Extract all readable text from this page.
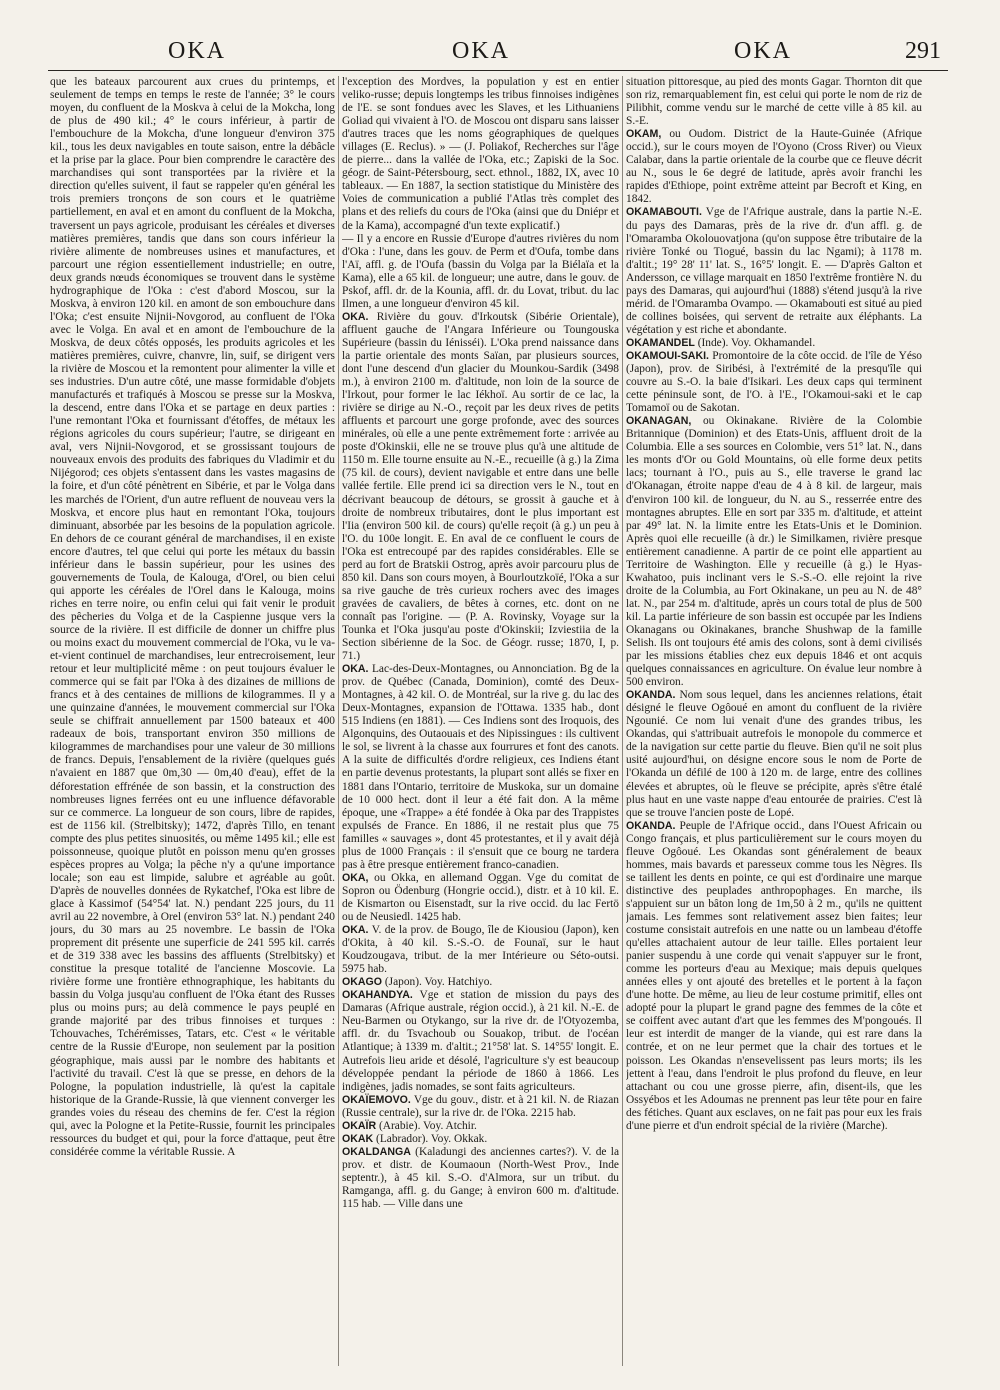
OKA	OKA	OKA	291

que les bateaux parcourent aux crues du printemps, et seulement de temps en temps le reste de l'année; 3° le cours moyen, du confluent de la Moskva à celui de la Mokcha, long de plus de 490 kil.; 4° le cours inférieur, à partir de l'embouchure de la Mokcha, d'une longueur d'environ 375 kil., tous les deux navigables en toute saison, entre la débâcle et la prise par la glace. Pour bien comprendre le caractère des marchandises qui sont transportées par la rivière et la direction qu'elles suivent, il faut se rappeler qu'en général les trois premiers tronçons de son cours et le quatrième partiellement, en aval et en amont du confluent de la Mokcha, traversent un pays agricole, produisant les céréales et diverses matières premières, tandis que dans son cours inférieur la rivière alimente de nombreuses usines et manufactures, et parcourt une région essentiellement industrielle; en outre, deux grands nœuds économiques se trouvent dans le système hydrographique de l'Oka : c'est d'abord Moscou, sur la Moskva, à environ 120 kil. en amont de son embouchure dans l'Oka; c'est ensuite Nijnii-Novgorod, au confluent de l'Oka avec le Volga. En aval et en amont de l'embouchure de la Moskva, de deux côtés opposés, les produits agricoles et les matières premières, cuivre, chanvre, lin, suif, se dirigent vers la rivière de Moscou et la remontent pour alimenter la ville et ses industries. D'un autre côté, une masse formidable d'objets manufacturés et trafiqués à Moscou se presse sur la Moskva, la descend, entre dans l'Oka et se partage en deux parties : l'une remontant l'Oka et fournissant d'étoffes, de métaux les régions agricoles du cours supérieur; l'autre, se dirigeant en aval, vers Nijnii-Novgorod, et se grossissant toujours de nouveaux envois des produits des fabriques du Vladimir et du Nijégorod; ces objets s'entassent dans les vastes magasins de la foire, et d'un côté pénètrent en Sibérie, et par le Volga dans les marchés de l'Orient, d'un autre refluent de nouveau vers la Moskva, et encore plus haut en remontant l'Oka, toujours diminuant, absorbée par les besoins de la population agricole. En dehors de ce courant général de marchandises, il en existe encore d'autres, tel que celui qui porte les métaux du bassin inférieur dans le bassin supérieur, pour les usines des gouvernements de Toula, de Kalouga, d'Orel, ou bien celui qui apporte les céréales de l'Orel dans le Kalouga, moins riches en terre noire, ou enfin celui qui fait venir le produit des pêcheries du Volga et de la Caspienne jusque vers la source de la rivière. Il est difficile de donner un chiffre plus ou moins exact du mouvement commercial de l'Oka, vu le va-et-vient continuel de marchandises, leur entrecroisement, leur retour et leur multiplicité même : on peut toujours évaluer le commerce qui se fait par l'Oka à des dizaines de millions de francs et à des centaines de millions de kilogrammes. Il y a une quinzaine d'années, le mouvement commercial sur l'Oka seule se chiffrait annuellement par 1500 bateaux et 400 radeaux de bois, transportant environ 350 millions de kilogrammes de marchandises pour une valeur de 30 millions de francs. Depuis, l'ensablement de la rivière (quelques gués n'avaient en 1887 que 0m,30 — 0m,40 d'eau), effet de la déforestation effrénée de son bassin, et la construction des nombreuses lignes ferrées ont eu une influence défavorable sur ce commerce. La longueur de son cours, libre de rapides, est de 1156 kil. (Strelbitsky); 1472, d'après Tillo, en tenant compte des plus petites sinuosités, ou même 1495 kil.; elle est poissonneuse, quoique plutôt en poisson menu qu'en grosses espèces propres au Volga; la pêche n'y a qu'une importance locale; son eau est limpide, salubre et agréable au goût. D'après de nouvelles données de Rykatchef, l'Oka est libre de glace à Kassimof (54°54' lat. N.) pendant 225 jours, du 11 avril au 22 novembre, à Orel (environ 53° lat. N.) pendant 240 jours, du 30 mars au 25 novembre. Le bassin de l'Oka proprement dit présente une superficie de 241 595 kil. carrés et de 319 338 avec les bassins des affluents (Strelbitsky) et constitue la presque totalité de l'ancienne Moscovie. La rivière forme une frontière ethnographique, les habitants du bassin du Volga jusqu'au confluent de l'Oka étant des Russes plus ou moins purs; au delà commence le pays peuplé en grande majorité par des tribus finnoises et turques : Tchouvaches, Tchérémisses, Tatars, etc. C'est « le véritable centre de la Russie d'Europe, non seulement par la position géographique, mais aussi par le nombre des habitants et l'activité du travail. C'est là que se presse, en dehors de la Pologne, la population industrielle, là qu'est la capitale historique de la Grande-Russie, là que viennent converger les grandes voies du réseau des chemins de fer. C'est la région qui, avec la Pologne et la Petite-Russie, fournit les principales ressources du budget et qui, pour la force d'attaque, peut être considérée comme la véritable Russie. A

l'exception des Mordves, la population y est en entier veliko-russe; depuis longtemps les tribus finnoises indigènes de l'E. se sont fondues avec les Slaves, et les Lithuaniens Goliad qui vivaient à l'O. de Moscou ont disparu sans laisser d'autres traces que les noms géographiques de quelques villages (E. Reclus). » — (J. Poliakof, Recherches sur l'âge de pierre... dans la vallée de l'Oka, etc.; Zapiski de la Soc. géogr. de Saint-Pétersbourg, sect. ethnol., 1882, IX, avec 10 tableaux. — En 1887, la section statistique du Ministère des Voies de communication a publié l'Atlas très complet des plans et des reliefs du cours de l'Oka (ainsi que du Dniépr et de la Kama), accompagné d'un texte explicatif.)

— Il y a encore en Russie d'Europe d'autres rivières du nom d'Oka : l'une, dans les gouv. de Perm et d'Oufa, tombe dans l'Aï, affl. g. de l'Oufa (bassin du Volga par la Biélaïa et la Kama), elle a 65 kil. de longueur; une autre, dans le gouv. de Pskof, affl. dr. de la Kounia, affl. dr. du Lovat, tribut. du lac Ilmen, a une longueur d'environ 45 kil.

OKA. Rivière du gouv. d'Irkoutsk (Sibérie Orientale), affluent gauche de l'Angara Inférieure ou Toungouska Supérieure (bassin du Iénisséi). L'Oka prend naissance dans la partie orientale des monts Saïan, par plusieurs sources, dont l'une descend d'un glacier du Mounkou-Sardik (3498 m.), à environ 2100 m. d'altitude, non loin de la source de l'Irkout, pour former le lac Iékhoï. Au sortir de ce lac, la rivière se dirige au N.-O., reçoit par les deux rives de petits affluents et parcourt une gorge profonde, avec des sources minérales, où elle a une pente extrêmement forte : arrivée au poste d'Okinskii, elle ne se trouve plus qu'à une altitude de 1150 m. Elle tourne ensuite au N.-E., recueille (à g.) la Zima (75 kil. de cours), devient navigable et entre dans une belle vallée fertile. Elle prend ici sa direction vers le N., tout en décrivant beaucoup de détours, se grossit à gauche et à droite de nombreux tributaires, dont le plus important est l'Iia (environ 500 kil. de cours) qu'elle reçoit (à g.) un peu à l'O. du 100e longit. E. En aval de ce confluent le cours de l'Oka est entrecoupé par des rapides considérables. Elle se perd au fort de Bratskii Ostrog, après avoir parcouru plus de 850 kil. Dans son cours moyen, à Bourloutzkoïé, l'Oka a sur sa rive gauche de très curieux rochers avec des images gravées de cavaliers, de bêtes à cornes, etc. dont on ne connaît pas l'origine. — (P. A. Rovinsky, Voyage sur la Tounka et l'Oka jusqu'au poste d'Okinskii; Izviestiia de la Section sibérienne de la Soc. de Géogr. russe; 1870, I, p. 71.)

OKA. Lac-des-Deux-Montagnes, ou Annonciation. Bg de la prov. de Québec (Canada, Dominion), comté des Deux-Montagnes, à 42 kil. O. de Montréal, sur la rive g. du lac des Deux-Montagnes, expansion de l'Ottawa. 1335 hab., dont 515 Indiens (en 1881). — Ces Indiens sont des Iroquois, des Algonquins, des Outaouais et des Nipissingues : ils cultivent le sol, se livrent à la chasse aux fourrures et font des canots. A la suite de difficultés d'ordre religieux, ces Indiens étant en partie devenus protestants, la plupart sont allés se fixer en 1881 dans l'Ontario, territoire de Muskoka, sur un domaine de 10 000 hect. dont il leur a été fait don. A la même époque, une «Trappe» a été fondée à Oka par des Trappistes expulsés de France. En 1886, il ne restait plus que 75 familles « sauvages », dont 45 protestantes, et il y avait déjà plus de 1000 Français : il s'ensuit que ce bourg ne tardera pas à être presque entièrement franco-canadien.

OKA, ou Okka, en allemand Oggan. Vge du comitat de Sopron ou Ödenburg (Hongrie occid.), distr. et à 10 kil. E. de Kismarton ou Eisenstadt, sur la rive occid. du lac Fertö ou de Neusiedl. 1425 hab.

OKA. V. de la prov. de Bougo, île de Kiousiou (Japon), ken d'Okita, à 40 kil. S.-S.-O. de Founaï, sur le haut Koudzougava, tribut. de la mer Intérieure ou Séto-outsi. 5975 hab.

OKAGO (Japon). Voy. Hatchiyo.

OKAHANDYA. Vge et station de mission du pays des Damaras (Afrique australe, région occid.), à 21 kil. N.-E. de Neu-Barmen ou Otykango, sur la rive dr. de l'Otyozemba, affl. dr. du Tsvachoub ou Souakop, tribut. de l'océan Atlantique; à 1339 m. d'altit.; 21°58' lat. S. 14°55' longit. E. Autrefois lieu aride et désolé, l'agriculture s'y est beaucoup développée pendant la période de 1860 à 1866. Les indigènes, jadis nomades, se sont faits agriculteurs.

OKAÏEMOVO. Vge du gouv., distr. et à 21 kil. N. de Riazan (Russie centrale), sur la rive dr. de l'Oka. 2215 hab.

OKAÏR (Arabie). Voy. Atchir.

OKAK (Labrador). Voy. Okkak.

OKALDANGA (Kaladungi des anciennes cartes?). V. de la prov. et distr. de Koumaoun (North-West Prov., Inde septentr.), à 45 kil. S.-O. d'Almora, sur un tribut. du Ramganga, affl. g. du Gange; à environ 600 m. d'altitude. 115 hab. — Ville dans une

situation pittoresque, au pied des monts Gagar. Thornton dit que son riz, remarquablement fin, est celui qui porte le nom de riz de Pilibhit, comme vendu sur le marché de cette ville à 85 kil. au S.-E.

OKAM, ou Oudom. District de la Haute-Guinée (Afrique occid.), sur le cours moyen de l'Oyono (Cross River) ou Vieux Calabar, dans la partie orientale de la courbe que ce fleuve décrit au N., sous le 6e degré de latitude, après avoir franchi les rapides d'Ethiope, point extrême atteint par Becroft et King, en 1842.

OKAMABOUTI. Vge de l'Afrique australe, dans la partie N.-E. du pays des Damaras, près de la rive dr. d'un affl. g. de l'Omaramba Okolouovatjona (qu'on suppose être tributaire de la rivière Tonké ou Tiogué, bassin du lac Ngami); à 1178 m. d'altit.; 19° 28' 11' lat. S., 16°5' longit. E. — D'après Galton et Andersson, ce village marquait en 1850 l'extrême frontière N. du pays des Damaras, qui aujourd'hui (1888) s'étend jusqu'à la rive mérid. de l'Omaramba Ovampo. — Okamabouti est situé au pied de collines boisées, qui servent de retraite aux éléphants. La végétation y est riche et abondante.

OKAMANDEL (Inde). Voy. Okhamandel.

OKAMOUI-SAKI. Promontoire de la côte occid. de l'île de Yéso (Japon), prov. de Siribési, à l'extrémité de la presqu'île qui couvre au S.-O. la baie d'Isikari. Les deux caps qui terminent cette péninsule sont, de l'O. à l'E., l'Okamoui-saki et le cap Tomamoï ou de Sakotan.

OKANAGAN, ou Okinakane. Rivière de la Colombie Britannique (Dominion) et des Etats-Unis, affluent droit de la Columbia. Elle a ses sources en Colombie, vers 51° lat. N., dans les monts d'Or ou Gold Mountains, où elle forme deux petits lacs; tournant à l'O., puis au S., elle traverse le grand lac d'Okanagan, étroite nappe d'eau de 4 à 8 kil. de largeur, mais d'environ 100 kil. de longueur, du N. au S., resserrée entre des montagnes abruptes. Elle en sort par 335 m. d'altitude, et atteint par 49° lat. N. la limite entre les Etats-Unis et le Dominion. Après quoi elle recueille (à dr.) le Similkamen, rivière presque entièrement canadienne. A partir de ce point elle appartient au Territoire de Washington. Elle y recueille (à g.) le Hyas-Kwahatoo, puis inclinant vers le S.-S.-O. elle rejoint la rive droite de la Columbia, au Fort Okinakane, un peu au N. de 48° lat. N., par 254 m. d'altitude, après un cours total de plus de 500 kil. La partie inférieure de son bassin est occupée par les Indiens Okanagans ou Okinakanes, branche Shushwap de la famille Selish. Ils ont toujours été amis des colons, sont à demi civilisés par les missions établies chez eux depuis 1846 et ont acquis quelques connaissances en agriculture. On évalue leur nombre à 500 environ.

OKANDA. Nom sous lequel, dans les anciennes relations, était désigné le fleuve Ogôoué en amont du confluent de la rivière Ngounié. Ce nom lui venait d'une des grandes tribus, les Okandas, qui s'attribuait autrefois le monopole du commerce et de la navigation sur cette partie du fleuve. Bien qu'il ne soit plus usité aujourd'hui, on désigne encore sous le nom de Porte de l'Okanda un défilé de 100 à 120 m. de large, entre des collines élevées et abruptes, où le fleuve se précipite, après s'être étalé plus haut en une vaste nappe d'eau entourée de prairies. C'est là que se trouve l'ancien poste de Lopé.

OKANDA. Peuple de l'Afrique occid., dans l'Ouest Africain ou Congo français, et plus particulièrement sur le cours moyen du fleuve Ogôoué. Les Okandas sont généralement de beaux hommes, mais bavards et paresseux comme tous les Nègres. Ils se taillent les dents en pointe, ce qui est d'ordinaire une marque distinctive des peuplades anthropophages. En marche, ils s'appuient sur un bâton long de 1m,50 à 2 m., qu'ils ne quittent jamais. Les femmes sont relativement assez bien faites; leur costume consistait autrefois en une natte ou un lambeau d'étoffe qu'elles attachaient autour de leur taille. Elles portaient leur panier suspendu à une corde qui venait s'appuyer sur le front, comme les porteurs d'eau au Mexique; mais depuis quelques années elles y ont ajouté des bretelles et le portent à la façon d'une hotte. De même, au lieu de leur costume primitif, elles ont adopté pour la plupart le grand pagne des femmes de la côte et se coiffent avec autant d'art que les femmes des M'pongoués. Il leur est interdit de manger de la viande, qui est rare dans la contrée, et on ne leur permet que la chair des tortues et le poisson. Les Okandas n'ensevelissent pas leurs morts; ils les jettent à l'eau, dans l'endroit le plus profond du fleuve, en leur attachant ou cou une grosse pierre, afin, disent-ils, que les Ossyébos et les Adoumas ne prennent pas leur tête pour en faire des fétiches. Quant aux esclaves, on ne fait pas pour eux les frais d'une pierre et d'un endroit spécial de la rivière (Marche).
